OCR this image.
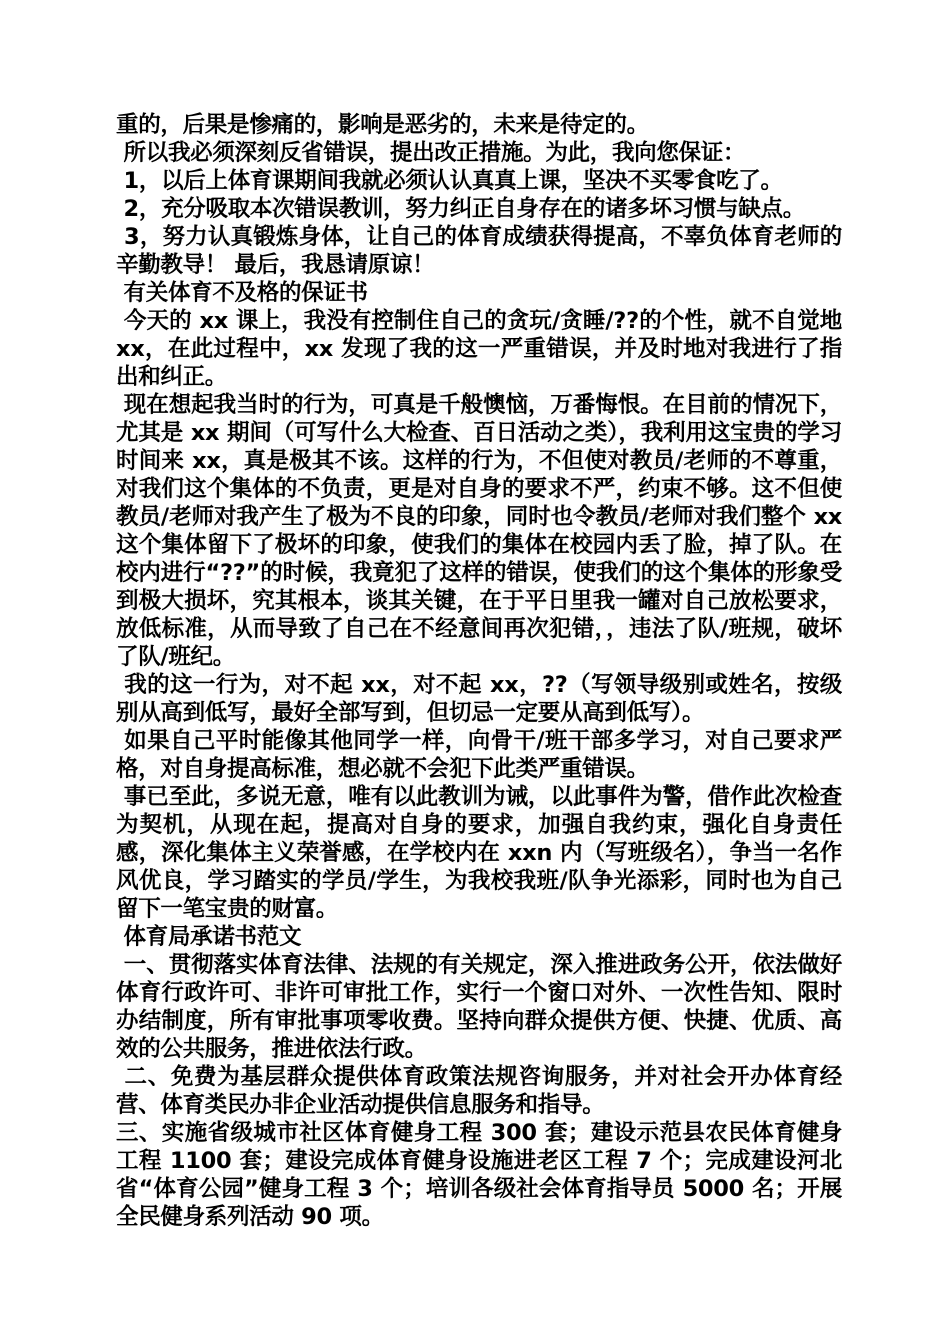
重的，后果是惨痛的，影响是恶劣的，未来是待定的。

所以我必须深刻反省错误，提出改正措施。为此，我向您保证：

1，以后上体育课期间我就必须认认真真上课，坚决不买零食吃了。

2，充分吸取本次错误教训，努力纠正自身存在的诸多坏习惯与缺点。

3，努力认真锻炼身体，让自己的体育成绩获得提高，不辜负体育老师的辛勤教导！ 最后，我恳请原谅！

有关体育不及格的保证书

今天的 xx 课上，我没有控制住自己的贪玩/贪睡/??的个性，就不自觉地 xx，在此过程中，xx 发现了我的这一严重错误，并及时地对我进行了指出和纠正。

现在想起我当时的行为，可真是千般懊恼，万番悔恨。在目前的情况下，尤其是 xx 期间（可写什么大检查、百日活动之类），我利用这宝贵的学习时间来 xx，真是极其不该。这样的行为，不但使对教员/老师的不尊重，对我们这个集体的不负责，更是对自身的要求不严，约束不够。这不但使教员/老师对我产生了极为不良的印象，同时也令教员/老师对我们整个 xx 这个集体留下了极坏的印象，使我们的集体在校园内丢了脸，掉了队。在校内进行“??”的时候，我竟犯了这样的错误，使我们的这个集体的形象受到极大损坏，究其根本，谈其关键，在于平日里我一罐对自己放松要求，放低标准，从而导致了自己在不经意间再次犯错，，违法了队/班规，破坏了队/班纪。

我的这一行为，对不起 xx，对不起 xx，??（写领导级别或姓名，按级别从高到低写，最好全部写到，但切忌一定要从高到低写）。

如果自己平时能像其他同学一样，向骨干/班干部多学习，对自己要求严格，对自身提高标准，想必就不会犯下此类严重错误。

事已至此，多说无意，唯有以此教训为诫，以此事件为警，借作此次检查为契机，从现在起，提高对自身的要求，加强自我约束，强化自身责任感，深化集体主义荣誉感，在学校内在 xxn 内（写班级名），争当一名作风优良，学习踏实的学员/学生，为我校我班/队争光添彩，同时也为自己留下一笔宝贵的财富。

体育局承诺书范文

一、贯彻落实体育法律、法规的有关规定，深入推进政务公开，依法做好体育行政许可、非许可审批工作，实行一个窗口对外、一次性告知、限时办结制度，所有审批事项零收费。坚持向群众提供方便、快捷、优质、高效的公共服务，推进依法行政。

二、免费为基层群众提供体育政策法规咨询服务，并对社会开办体育经营、体育类民办非企业活动提供信息服务和指导。

三、实施省级城市社区体育健身工程 300 套；建设示范县农民体育健身工程 1100 套；建设完成体育健身设施进老区工程 7 个；完成建设河北省“体育公园”健身工程 3 个；培训各级社会体育指导员 5000 名；开展全民健身系列活动 90 项。
